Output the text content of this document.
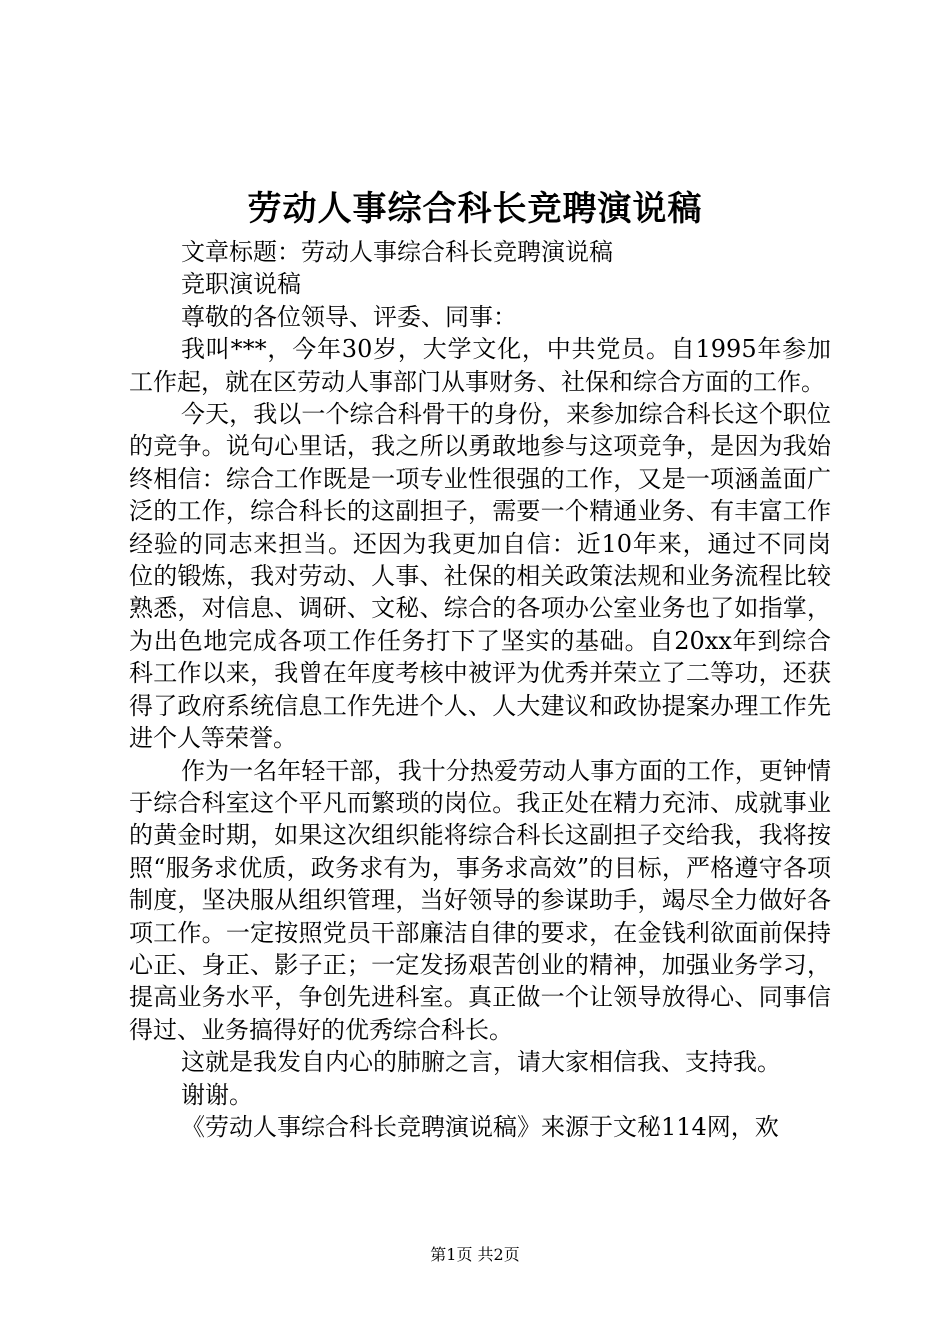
劳动人事综合科长竞聘演说稿

文章标题：劳动人事综合科长竞聘演说稿

竞职演说稿

尊敬的各位领导、评委、同事：

我叫***，今年30岁，大学文化，中共党员。自1995年参加工作起，就在区劳动人事部门从事财务、社保和综合方面的工作。

今天，我以一个综合科骨干的身份，来参加综合科长这个职位的竞争。说句心里话，我之所以勇敢地参与这项竞争，是因为我始终相信：综合工作既是一项专业性很强的工作，又是一项涵盖面广泛的工作，综合科长的这副担子，需要一个精通业务、有丰富工作经验的同志来担当。还因为我更加自信：近10年来，通过不同岗位的锻炼，我对劳动、人事、社保的相关政策法规和业务流程比较熟悉，对信息、调研、文秘、综合的各项办公室业务也了如指掌，为出色地完成各项工作任务打下了坚实的基础。自20xx年到综合科工作以来，我曾在年度考核中被评为优秀并荣立了二等功，还获得了政府系统信息工作先进个人、人大建议和政协提案办理工作先进个人等荣誉。

作为一名年轻干部，我十分热爱劳动人事方面的工作，更钟情于综合科室这个平凡而繁琐的岗位。我正处在精力充沛、成就事业的黄金时期，如果这次组织能将综合科长这副担子交给我，我将按照“服务求优质，政务求有为，事务求高效”的目标，严格遵守各项制度，坚决服从组织管理，当好领导的参谋助手，竭尽全力做好各项工作。一定按照党员干部廉洁自律的要求，在金钱利欲面前保持心正、身正、影子正；一定发扬艰苦创业的精神，加强业务学习，提高业务水平，争创先进科室。真正做一个让领导放得心、同事信得过、业务搞得好的优秀综合科长。

这就是我发自内心的肺腑之言，请大家相信我、支持我。

谢谢。

《劳动人事综合科长竞聘演说稿》来源于文秘114网，欢

第1页 共2页
